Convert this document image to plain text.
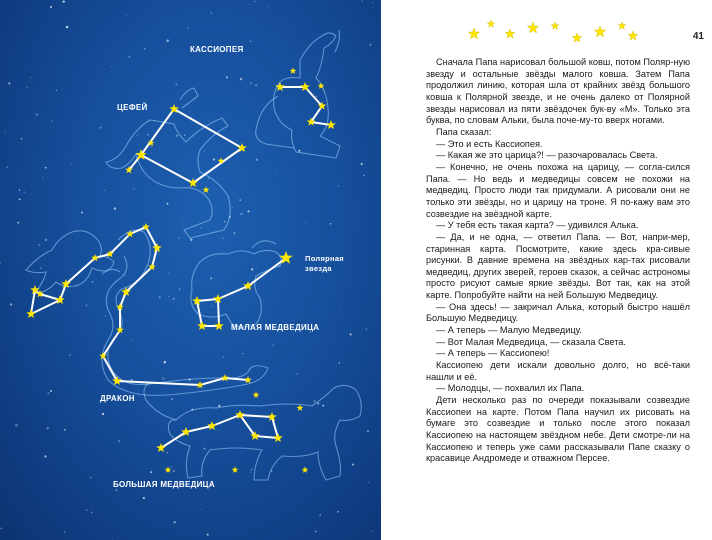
КАССИОПЕЯ
ЦЕФЕЙ
Полярная звезда
МАЛАЯ МЕДВЕДИЦА
ДРАКОН
БОЛЬШАЯ МЕДВЕДИЦА
41

Сначала Папа нарисовал большой ковш, потом Поляр-ную звезду и остальные звёзды малого ковша. Затем Папа продолжил линию, которая шла от крайних звёзд большого ковша к Полярной звезде, и не очень далеко от Полярной звезды нарисовал из пяти звёздочек бук-ву «М». Только эта буква, по словам Альки, была поче-му-то вверх ногами.

Папа сказал:

— Это и есть Кассиопея.

— Какая же это царица?! — разочаровалась Света.

— Конечно, не очень похожа на царицу, — согла-сился Папа. — Но ведь и медведицы совсем не похожи на медведиц. Просто люди так придумали. А рисовали они не только эти звёзды, но и царицу на троне. Я по-кажу вам это созвездие на звёздной карте.

— У тебя есть такая карта? — удивился Алька.

— Да, и не одна, — ответил Папа. — Вот, напри-мер, старинная карта. Посмотрите, какие здесь кра-сивые рисунки. В давние времена на звёздных кар-тах рисовали медведиц, других зверей, героев сказок, а сейчас астрономы просто рисуют самые яркие звёзды. Вот так, как на этой карте. Попробуйте найти на ней Большую Медведицу.

— Она здесь! — закричал Алька, который быстро нашёл Большую Медведицу.

— А теперь — Малую Медведицу.

— Вот Малая Медведица, — сказала Света.

— А теперь — Кассиопею!

Кассиопею дети искали довольно долго, но всё-таки нашли и её.

— Молодцы, — похвалил их Папа.

Дети несколько раз по очереди показывали созвездие Кассиопеи на карте. Потом Папа научил их рисовать на бумаге это созвездие и только после этого показал Кассиопею на настоящем звёздном небе. Дети смотре-ли на Кассиопею и теперь уже сами рассказывали Папе сказку о красавице Андромеде и отважном Персее.
